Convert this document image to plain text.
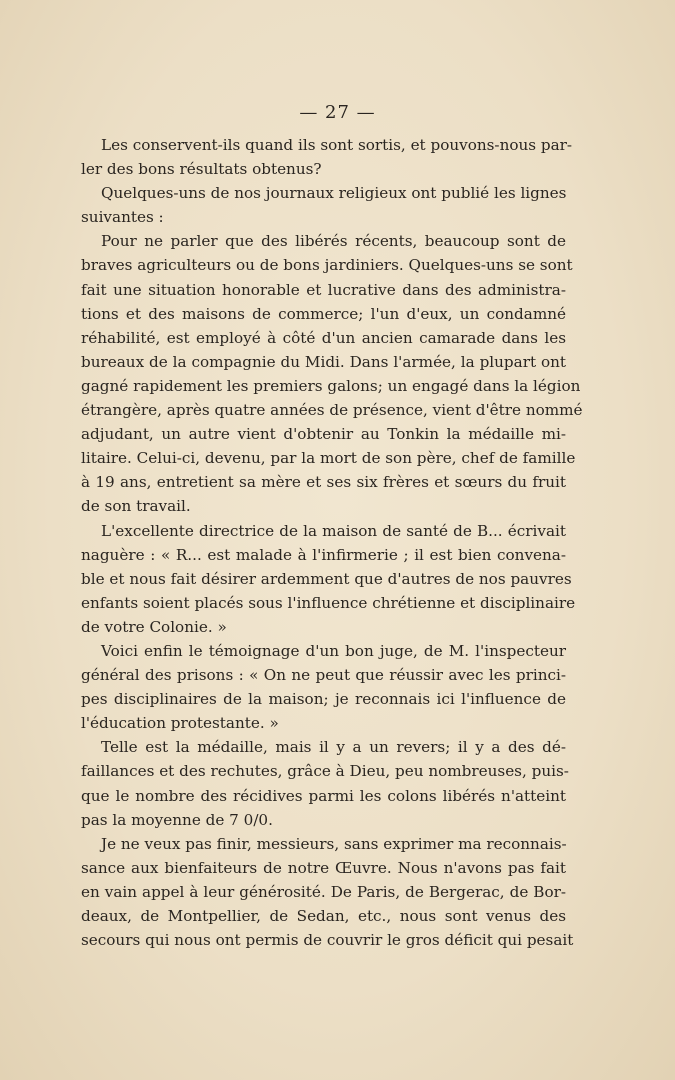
— 27 —
Les conservent-ils quand ils sont sortis, et pouvons-nous par-
ler des bons résultats obtenus?
Quelques-uns de nos journaux religieux ont publié les lignes
suivantes :
Pour ne parler que des libérés récents, beaucoup sont de
braves agriculteurs ou de bons jardiniers. Quelques-uns se sont
fait une situation honorable et lucrative dans des administra-
tions et des maisons de commerce; l'un d'eux, un condamné
réhabilité, est employé à côté d'un ancien camarade dans les
bureaux de la compagnie du Midi. Dans l'armée, la plupart ont
gagné rapidement les premiers galons; un engagé dans la légion
étrangère, après quatre années de présence, vient d'être nommé
adjudant, un autre vient d'obtenir au Tonkin la médaille mi-
litaire. Celui-ci, devenu, par la mort de son père, chef de famille
à 19 ans, entretient sa mère et ses six frères et sœurs du fruit
de son travail.
L'excellente directrice de la maison de santé de B... écrivait
naguère : « R... est malade à l'infirmerie ; il est bien convena-
ble et nous fait désirer ardemment que d'autres de nos pauvres
enfants soient placés sous l'influence chrétienne et disciplinaire
de votre Colonie. »
Voici enfin le témoignage d'un bon juge, de M. l'inspecteur
général des prisons : « On ne peut que réussir avec les princi-
pes disciplinaires de la maison; je reconnais ici l'influence de
l'éducation protestante. »
Telle est la médaille, mais il y a un revers; il y a des dé-
faillances et des rechutes, grâce à Dieu, peu nombreuses, puis-
que le nombre des récidives parmi les colons libérés n'atteint
pas la moyenne de 7 0/0.
Je ne veux pas finir, messieurs, sans exprimer ma reconnais-
sance aux bienfaiteurs de notre Œuvre. Nous n'avons pas fait
en vain appel à leur générosité. De Paris, de Bergerac, de Bor-
deaux, de Montpellier, de Sedan, etc., nous sont venus des
secours qui nous ont permis de couvrir le gros déficit qui pesait
